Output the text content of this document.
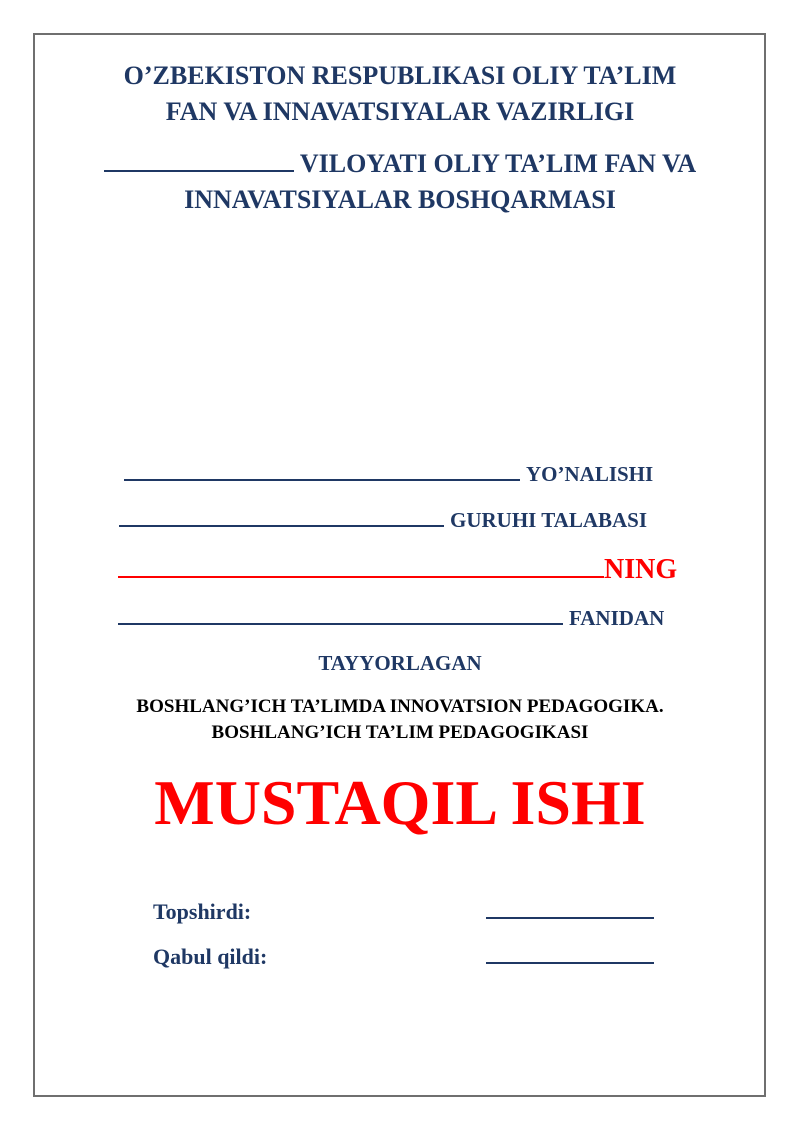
O’ZBEKISTON RESPUBLIKASI OLIY TA’LIM
FAN VA INNAVATSIYALAR VAZIRLIGI
VILOYATI OLIY TA’LIM FAN VA
INNAVATSIYALAR BOSHQARMASI
YO’NALISHI
GURUHI TALABASI
NING
FANIDAN
TAYYORLAGAN
BOSHLANG’ICH TA’LIMDA INNOVATSION PEDAGOGIKA.
BOSHLANG’ICH TA’LIM PEDAGOGIKASI
MUSTAQIL ISHI
Topshirdi:
Qabul qildi:
